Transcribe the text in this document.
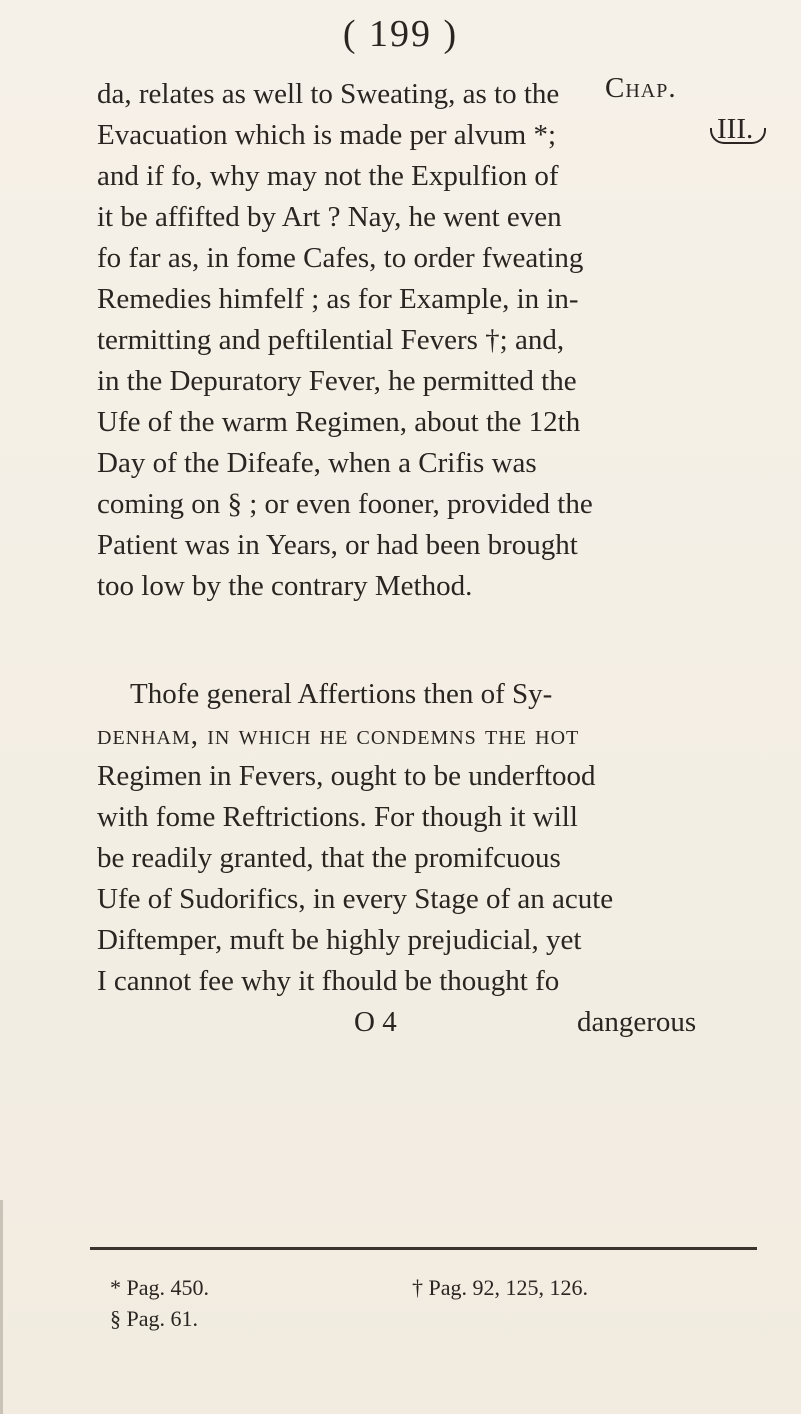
( 199 )
Chap.
III.
da, relates as well to Sweating, as to the
Evacuation which is made per alvum *;
and if fo, why may not the Expulfion of
it be affifted by Art ? Nay, he went even
fo far as, in fome Cafes, to order fweating
Remedies himfelf ; as for Example, in in-
termitting and peftilential Fevers †; and,
in the Depuratory Fever, he permitted the
Ufe of the warm Regimen, about the 12th
Day of the Difeafe, when a Crifis was
coming on § ; or even fooner, provided the
Patient was in Years, or had been brought
too low by the contrary Method.
Thofe general Affertions then of Sy-
denham, in which he condemns the hot
Regimen in Fevers, ought to be underftood
with fome Reftrictions. For though it will
be readily granted, that the promifcuous
Ufe of Sudorifics, in every Stage of an acute
Diftemper, muft be highly prejudicial, yet
I cannot fee why it fhould be thought fo
O 4	dangerous
* Pag. 450.	† Pag. 92, 125, 126.
§ Pag. 61.
